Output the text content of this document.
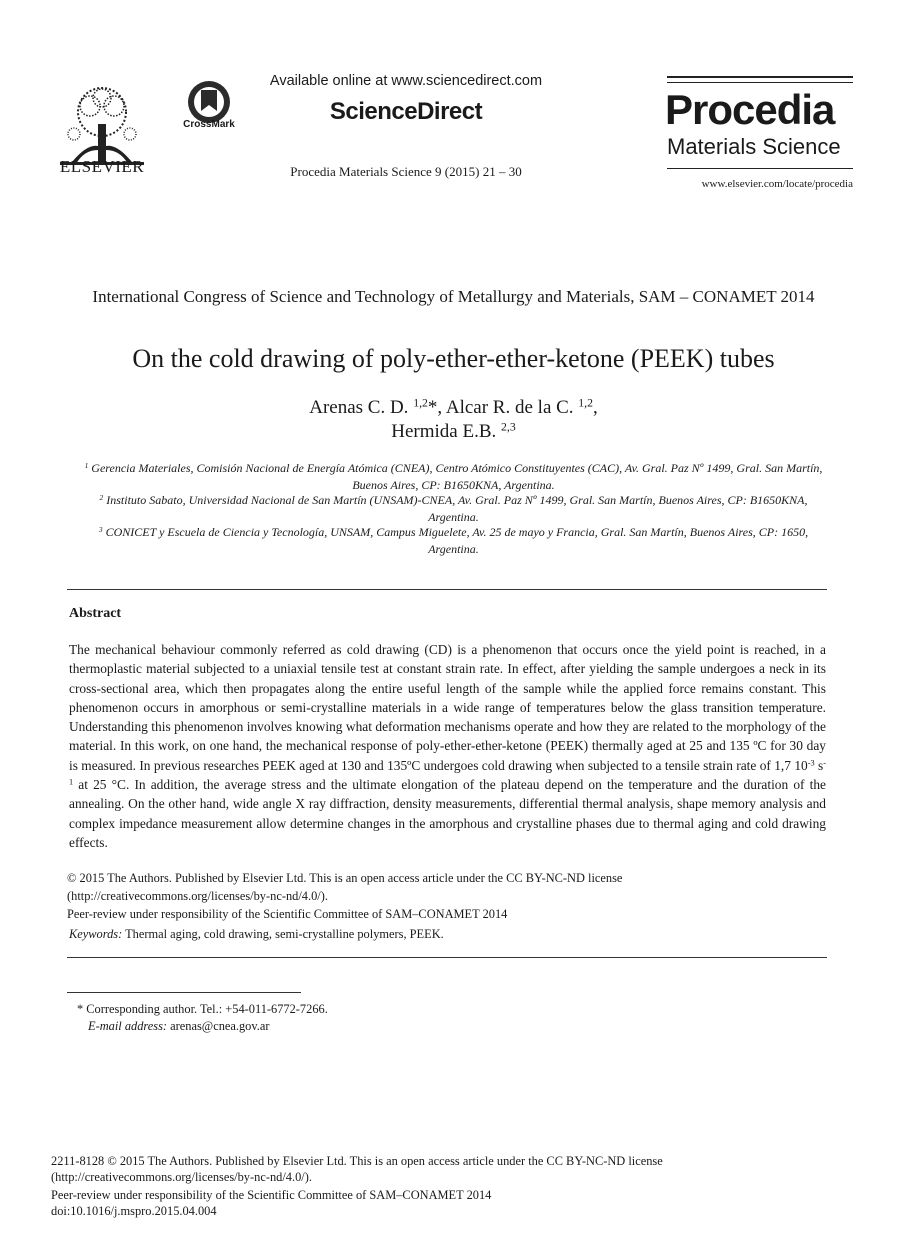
ELSEVIER
CrossMark
Available online at www.sciencedirect.com
ScienceDirect
Procedia Materials Science 9 (2015) 21 – 30
Procedia
Materials Science
www.elsevier.com/locate/procedia
International Congress of Science and Technology of Metallurgy and Materials, SAM – CONAMET 2014
On the cold drawing of poly-ether-ether-ketone (PEEK) tubes
Arenas C. D. $^{1,2}$*, Alcar R. de la C. $^{1,2}$,
Hermida E.B. $^{2,3}$
$^1$ Gerencia Materiales, Comisión Nacional de Energía Atómica (CNEA), Centro Atómico Constituyentes (CAC), Av. Gral. Paz Nº 1499, Gral. San Martín, Buenos Aires, CP: B1650KNA, Argentina.
$^2$ Instituto Sabato, Universidad Nacional de San Martín (UNSAM)-CNEA, Av. Gral. Paz Nº 1499, Gral. San Martín, Buenos Aires, CP: B1650KNA, Argentina.
$^3$ CONICET y Escuela de Ciencia y Tecnología, UNSAM, Campus Miguelete, Av. 25 de mayo y Francia, Gral. San Martín, Buenos Aires, CP: 1650, Argentina.
Abstract
The mechanical behaviour commonly referred as cold drawing (CD) is a phenomenon that occurs once the yield point is reached, in a thermoplastic material subjected to a uniaxial tensile test at constant strain rate. In effect, after yielding the sample undergoes a neck in its cross-sectional area, which then propagates along the entire useful length of the sample while the applied force remains constant. This phenomenon occurs in amorphous or semi-crystalline materials in a wide range of temperatures below the glass transition temperature. Understanding this phenomenon involves knowing what deformation mechanisms operate and how they are related to the morphology of the material. In this work, on one hand, the mechanical response of poly-ether-ether-ketone (PEEK) thermally aged at 25 and 135 ºC for 30 day is measured. In previous researches PEEK aged at 130 and 135ºC undergoes cold drawing when subjected to a tensile strain rate of 1,7 $10^{-3}$ $s^{-1}$ at 25 °C. In addition, the average stress and the ultimate elongation of the plateau depend on the temperature and the duration of the annealing. On the other hand, wide angle X ray diffraction, density measurements, differential thermal analysis, shape memory analysis and complex impedance measurement allow determine changes in the amorphous and crystalline phases due to thermal aging and cold drawing effects.
© 2015 The Authors. Published by Elsevier Ltd. This is an open access article under the CC BY-NC-ND license
(http://creativecommons.org/licenses/by-nc-nd/4.0/).
Peer-review under responsibility of the Scientific Committee of SAM–CONAMET 2014
Keywords: Thermal aging, cold drawing, semi-crystalline polymers, PEEK.
* Corresponding author. Tel.: +54-011-6772-7266.
E-mail address: arenas@cnea.gov.ar
2211-8128 © 2015 The Authors. Published by Elsevier Ltd. This is an open access article under the CC BY-NC-ND license
(http://creativecommons.org/licenses/by-nc-nd/4.0/).
Peer-review under responsibility of the Scientific Committee of SAM–CONAMET 2014
doi:10.1016/j.mspro.2015.04.004
